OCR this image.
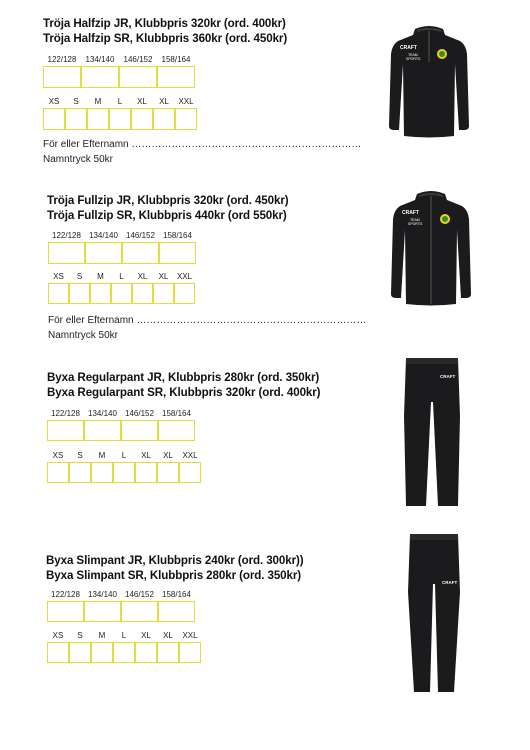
Tröja Halfzip JR, Klubbpris 320kr (ord. 400kr)
Tröja Halfzip SR, Klubbpris 360kr (ord. 450kr)
122/128 134/140 146/152 158/164
XS S M L XL XL XXL
För eller Efternamn ……………………………………………………………
Namntryck 50kr
CRAFT
TEAM
SPORTS
Tröja Fullzip JR, Klubbpris 320kr (ord. 450kr)
Tröja Fullzip SR, Klubbpris 440kr (ord 550kr)
122/128 134/140 146/152 158/164
XS S M L XL XL XXL
För eller Efternamn ……………………………………………………………
Namntryck 50kr
CRAFT
TEAM
SPORTS
Byxa Regularpant JR, Klubbpris 280kr (ord. 350kr)
Byxa Regularpant SR, Klubbpris 320kr (ord. 400kr)
122/128 134/140 146/152 158/164
XS S M L XL XL XXL
CRAFT
Byxa Slimpant JR, Klubbpris 240kr (ord. 300kr))
Byxa Slimpant SR, Klubbpris 280kr (ord. 350kr)
122/128 134/140 146/152 158/164
XS S M L XL XL XXL
CRAFT
